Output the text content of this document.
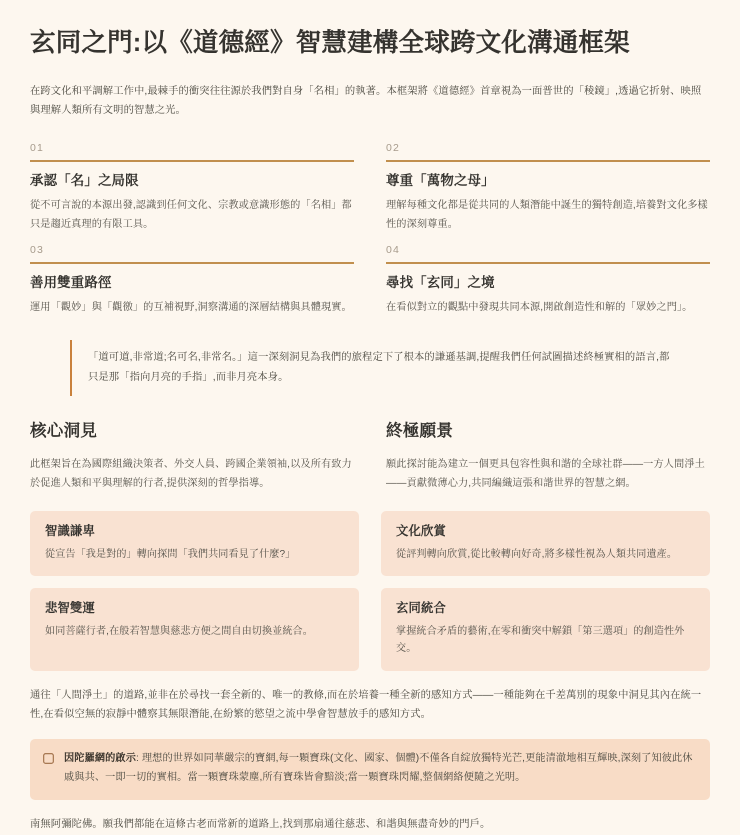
玄同之門:以《道德經》智慧建構全球跨文化溝通框架

在跨文化和平調解工作中,最棘手的衝突往往源於我們對自身「名相」的執著。本框架將《道德經》首章視為一面普世的「稜鏡」,透過它折射、映照與理解人類所有文明的智慧之光。

01
承認「名」之局限
從不可言說的本源出發,認識到任何文化、宗教或意識形態的「名相」都只是趨近真理的有限工具。
02
尊重「萬物之母」
理解每種文化都是從共同的人類潛能中誕生的獨特創造,培養對文化多樣性的深刻尊重。
03
善用雙重路徑
運用「觀妙」與「觀徼」的互補視野,洞察溝通的深層結構與具體現實。
04
尋找「玄同」之境
在看似對立的觀點中發現共同本源,開啟創造性和解的「眾妙之門」。
「道可道,非常道;名可名,非常名。」這一深刻洞見為我們的旅程定下了根本的謙遜基調,提醒我們任何試圖描述終極實相的語言,都只是那「指向月亮的手指」,而非月亮本身。
核心洞見
此框架旨在為國際組織決策者、外交人員、跨國企業領袖,以及所有致力於促進人類和平與理解的行者,提供深刻的哲學指導。
終極願景
願此探討能為建立一個更具包容性與和諧的全球社群——一方人間淨土——貢獻微薄心力,共同編織這張和諧世界的智慧之網。
智識謙卑
從宣告「我是對的」轉向探問「我們共同看見了什麼?」
文化欣賞
從評判轉向欣賞,從比較轉向好奇,將多樣性視為人類共同遺產。
悲智雙運
如同菩薩行者,在般若智慧與慈悲方便之間自由切換並統合。
玄同統合
掌握統合矛盾的藝術,在零和衝突中解鎖「第三選項」的創造性外交。

通往「人間淨土」的道路,並非在於尋找一套全新的、唯一的教條,而在於培養一種全新的感知方式——一種能夠在千差萬別的現象中洞見其內在統一性,在看似空無的寂靜中體察其無限潛能,在紛繁的慾望之流中學會智慧放手的感知方式。

因陀羅網的啟示: 理想的世界如同華嚴宗的寶網,每一顆寶珠(文化、國家、個體)不僅各自綻放獨特光芒,更能清澈地相互輝映,深刻了知彼此休戚與共、一即一切的實相。當一顆寶珠蒙塵,所有寶珠皆會黯淡;當一顆寶珠閃耀,整個網絡便隨之光明。

南無阿彌陀佛。願我們都能在這條古老而常新的道路上,找到那扇通往慈悲、和諧與無盡奇妙的門戶。
